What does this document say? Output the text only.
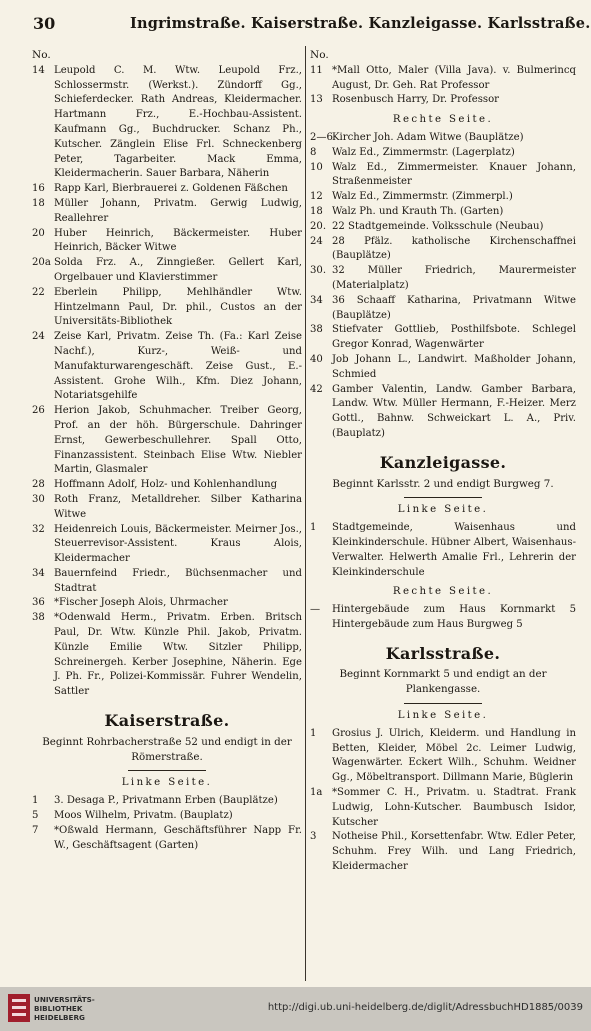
30	Ingrimstraße. Kaiserstraße. Kanzleigasse. Karlsstraße.
No.
14 Leupold C. M. Wtw. Leupold Frz., Schlossermstr. (Werkst.). Zündorff Gg., Schieferdecker. Rath Andreas, Kleidermacher. Hartmann Frz., E.-Hochbau-Assistent. Kaufmann Gg., Buchdrucker. Schanz Ph., Kutscher. Zänglein Elise Frl. Schneckenberg Peter, Tagarbeiter. Mack Emma, Kleidermacherin. Sauer Barbara, Näherin
16 Rapp Karl, Bierbrauerei z. Goldenen Fäßchen
18 Müller Johann, Privatm. Gerwig Ludwig, Reallehrer
20 Huber Heinrich, Bäckermeister. Huber Heinrich, Bäcker Witwe
20a Solda Frz. A., Zinngießer. Gellert Karl, Orgelbauer und Klavierstimmer
22 Eberlein Philipp, Mehlhändler Wtw. Hintzelmann Paul, Dr. phil., Custos an der Universitäts-Bibliothek
24 Zeise Karl, Privatm. Zeise Th. (Fa.: Karl Zeise Nachf.), Kurz-, Weiß- und Manufakturwarengeschäft. Zeise Gust., E.-Assistent. Grohe Wilh., Kfm. Diez Johann, Notariatsgehilfe
26 Herion Jakob, Schuhmacher. Treiber Georg, Prof. an der höh. Bürgerschule. Dahringer Ernst, Gewerbeschullehrer. Spall Otto, Finanzassistent. Steinbach Elise Wtw. Niebler Martin, Glasmaler
28 Hoffmann Adolf, Holz- und Kohlenhandlung
30 Roth Franz, Metalldreher. Silber Katharina Witwe
32 Heidenreich Louis, Bäckermeister. Meirner Jos., Steuerrevisor-Assistent. Kraus Alois, Kleidermacher
34 Bauernfeind Friedr., Büchsenmacher und Stadtrat
36 *Fischer Joseph Alois, Uhrmacher
38 *Odenwald Herm., Privatm. Erben. Britsch Paul, Dr. Wtw. Künzle Phil. Jakob, Privatm. Künzle Emilie Wtw. Sitzler Philipp, Schreinergeh. Kerber Josephine, Näherin. Ege J. Ph. Fr., Polizei-Kommissär. Fuhrer Wendelin, Sattler
Kaiserstraße.
Beginnt Rohrbacherstraße 52 und endigt in der Römerstraße.
Linke Seite.
1	3. Desaga P., Privatmann Erben (Bauplätze)
5	Moos Wilhelm, Privatm. (Bauplatz)
7	*Oßwald Hermann, Geschäftsführer Napp Fr. W., Geschäftsagent (Garten)
No.
11 *Mall Otto, Maler (Villa Java). v. Bulmerincq August, Dr. Geh. Rat Professor
13 Rosenbusch Harry, Dr. Professor
Rechte Seite.
2—6 Kircher Joh. Adam Witwe (Bauplätze)
8	Walz Ed., Zimmermstr. (Lagerplatz)
10 Walz Ed., Zimmermeister. Knauer Johann, Straßenmeister
12 Walz Ed., Zimmermstr. (Zimmerpl.)
18 Walz Ph. und Krauth Th. (Garten)
20. 22 Stadtgemeinde. Volksschule (Neubau)
24 28 Pfälz. katholische Kirchenschaffnei (Bauplätze)
30. 32 Müller Friedrich, Maurermeister (Materialplatz)
34 36 Schaaff Katharina, Privatmann Witwe (Bauplätze)
38 Stiefvater Gottlieb, Posthilfsbote. Schlegel Gregor Konrad, Wagenwärter
40 Job Johann L., Landwirt. Maßholder Johann, Schmied
42 Gamber Valentin, Landw. Gamber Barbara, Landw. Wtw. Müller Hermann, F.-Heizer. Merz Gottl., Bahnw. Schweickart L. A., Priv. (Bauplatz)
Kanzleigasse.
Beginnt Karlsstr. 2 und endigt Burgweg 7.
Linke Seite.
1	Stadtgemeinde, Waisenhaus und Kleinkinderschule. Hübner Albert, Waisenhaus-Verwalter. Helwerth Amalie Frl., Lehrerin der Kleinkinderschule
Rechte Seite.
—	Hintergebäude zum Haus Kornmarkt 5 Hintergebäude zum Haus Burgweg 5
Karlsstraße.
Beginnt Kornmarkt 5 und endigt an der Plankengasse.
Linke Seite.
1	Grosius J. Ulrich, Kleiderm. und Handlung in Betten, Kleider, Möbel 2c. Leimer Ludwig, Wagenwärter. Eckert Wilh., Schuhm. Weidner Gg., Möbeltransport. Dillmann Marie, Büglerin
1a *Sommer C. H., Privatm. u. Stadtrat. Frank Ludwig, Lohn-Kutscher. Baumbusch Isidor, Kutscher
3	Notheise Phil., Korsettenfabr. Wtw. Edler Peter, Schuhm. Frey Wilh. und Lang Friedrich, Kleidermacher
UNIVERSITÄTS-
BIBLIOTHEK
HEIDELBERG
http://digi.ub.uni-heidelberg.de/diglit/AdressbuchHD1885/0039
